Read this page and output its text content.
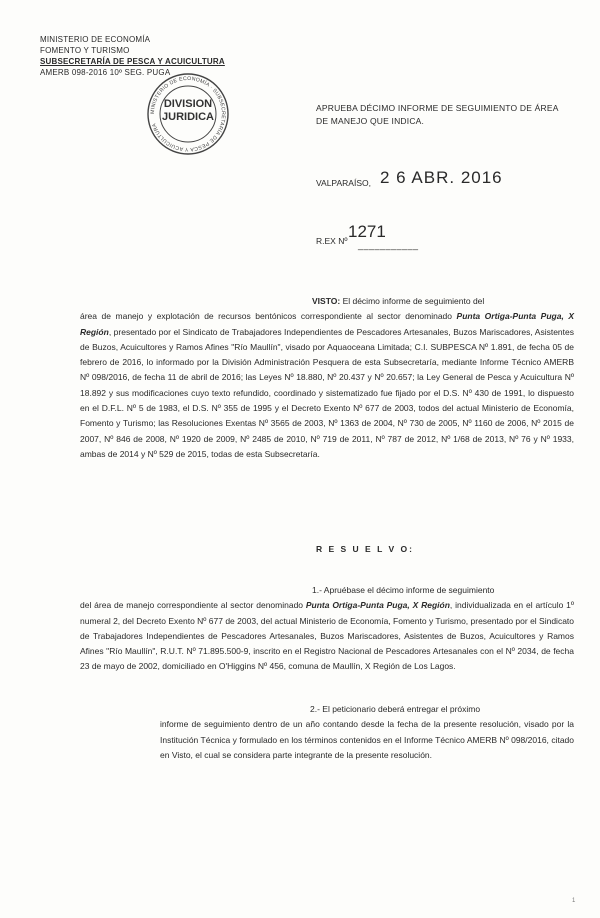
MINISTERIO DE ECONOMÍA
FOMENTO Y TURISMO
SUBSECRETARÍA DE PESCA Y ACUICULTURA
AMERB 098-2016 10º SEG. PUGA
MINISTERIO DE ECONOMÍA · SUBSECRETARÍA DE PESCA Y ACUICULTURA
DIVISION
JURIDICA
APRUEBA DÉCIMO INFORME DE SEGUIMIENTO DE ÁREA DE MANEJO QUE INDICA.
VALPARAÍSO, 2 6 ABR. 2016
R.EX Nº 1271
___________
VISTO: El décimo informe de seguimiento del
área de manejo y explotación de recursos bentónicos correspondiente al sector denominado Punta Ortiga-Punta Puga, X Región, presentado por el Sindicato de Trabajadores Independientes de Pescadores Artesanales, Buzos Mariscadores, Asistentes de Buzos, Acuicultores y Ramos Afines "Río Maullín", visado por Aquaoceana Limitada; C.I. SUBPESCA Nº 1.891, de fecha 05 de febrero de 2016, lo informado por la División Administración Pesquera de esta Subsecretaría, mediante Informe Técnico AMERB Nº 098/2016, de fecha 11 de abril de 2016; las Leyes Nº 18.880, Nº 20.437 y Nº 20.657; la Ley General de Pesca y Acuicultura Nº 18.892 y sus modificaciones cuyo texto refundido, coordinado y sistematizado fue fijado por el D.S. Nº 430 de 1991, lo dispuesto en el D.F.L. Nº 5 de 1983, el D.S. Nº 355 de 1995 y el Decreto Exento Nº 677 de 2003, todos del actual Ministerio de Economía, Fomento y Turismo; las Resoluciones Exentas Nº 3565 de 2003, Nº 1363 de 2004, Nº 730 de 2005, Nº 1160 de 2006, Nº 2015 de 2007, Nº 846 de 2008, Nº 1920 de 2009, Nº 2485 de 2010, Nº 719 de 2011, Nº 787 de 2012, Nº 1/68 de 2013, Nº 76 y Nº 1933, ambas de 2014 y Nº 529 de 2015, todas de esta Subsecretaría.
R E S U E L V O:
1.- Apruébase el décimo informe de seguimiento
del área de manejo correspondiente al sector denominado Punta Ortiga-Punta Puga, X Región, individualizada en el artículo 1º numeral 2, del Decreto Exento Nº 677 de 2003, del actual Ministerio de Economía, Fomento y Turismo, presentado por el Sindicato de Trabajadores Independientes de Pescadores Artesanales, Buzos Mariscadores, Asistentes de Buzos, Acuicultores y Ramos Afines "Río Maullín", R.U.T. Nº 71.895.500-9, inscrito en el Registro Nacional de Pescadores Artesanales con el Nº 2034, de fecha 23 de mayo de 2002, domiciliado en O'Higgins Nº 456, comuna de Maullín, X Región de Los Lagos.
2.- El peticionario deberá entregar el próximo
informe de seguimiento dentro de un año contando desde la fecha de la presente resolución, visado por la Institución Técnica y formulado en los términos contenidos en el Informe Técnico AMERB Nº 098/2016, citado en Visto, el cual se considera parte integrante de la presente resolución.
1
